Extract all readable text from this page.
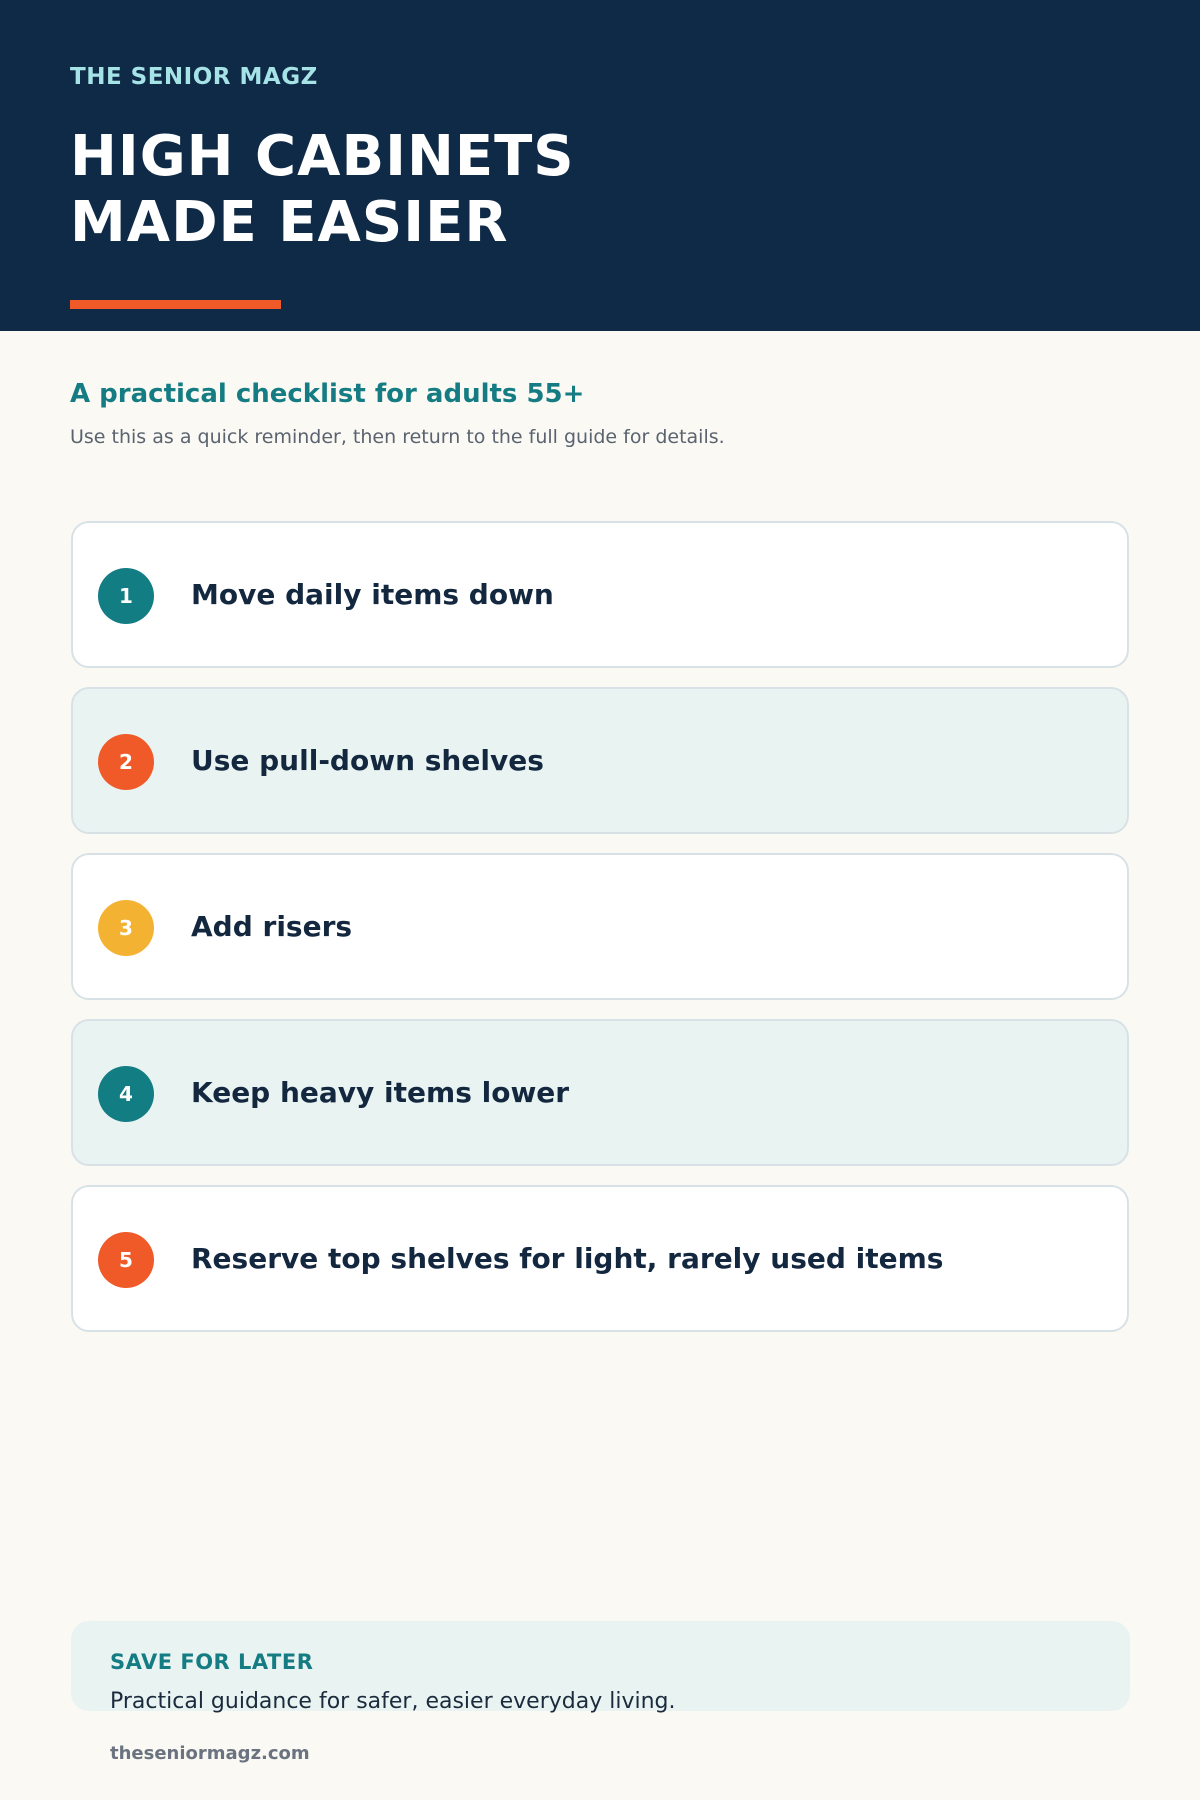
THE SENIOR MAGZ
HIGH CABINETS
MADE EASIER
A practical checklist for adults 55+
Use this as a quick reminder, then return to the full guide for details.
1	Move daily items down
2	Use pull-down shelves
3	Add risers
4	Keep heavy items lower
5	Reserve top shelves for light, rarely used items
SAVE FOR LATER
Practical guidance for safer, easier everyday living.
theseniormagz.com
